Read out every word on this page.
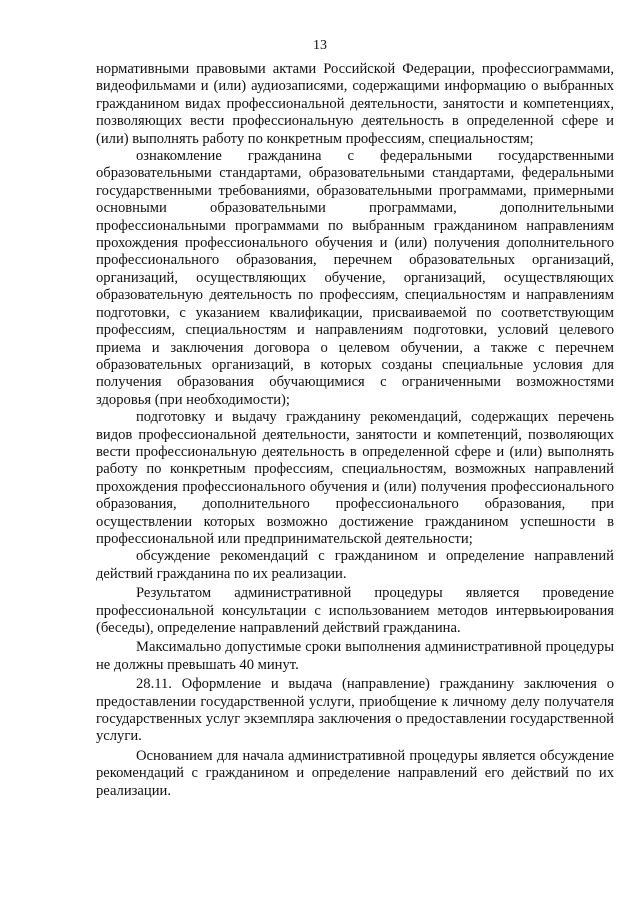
13

нормативными правовыми актами Российской Федерации, профессиограммами, видеофильмами и (или) аудиозаписями, содержащими информацию о выбранных гражданином видах профессиональной деятельности, занятости и компетенциях, позволяющих вести профессиональную деятельность в определенной сфере и (или) выполнять работу по конкретным профессиям, специальностям;

ознакомление гражданина с федеральными государственными образовательными стандартами, образовательными стандартами, федеральными государственными требованиями, образовательными программами, примерными основными образовательными программами, дополнительными профессиональными программами по выбранным гражданином направлениям прохождения профессионального обучения и (или) получения дополнительного профессионального образования, перечнем образовательных организаций, организаций, осуществляющих обучение, организаций, осуществляющих образовательную деятельность по профессиям, специальностям и направлениям подготовки, с указанием квалификации, присваиваемой по соответствующим профессиям, специальностям и направлениям подготовки, условий целевого приема и заключения договора о целевом обучении, а также с перечнем образовательных организаций, в которых созданы специальные условия для получения образования обучающимися с ограниченными возможностями здоровья (при необходимости);

подготовку и выдачу гражданину рекомендаций, содержащих перечень видов профессиональной деятельности, занятости и компетенций, позволяющих вести профессиональную деятельность в определенной сфере и (или) выполнять работу по конкретным профессиям, специальностям, возможных направлений прохождения профессионального обучения и (или) получения профессионального образования, дополнительного профессионального образования, при осуществлении которых возможно достижение гражданином успешности в профессиональной или предпринимательской деятельности;

обсуждение рекомендаций с гражданином и определение направлений действий гражданина по их реализации.

Результатом административной процедуры является проведение профессиональной консультации с использованием методов интервьюирования (беседы), определение направлений действий гражданина.

Максимально допустимые сроки выполнения административной процедуры не должны превышать 40 минут.

28.11. Оформление и выдача (направление) гражданину заключения о предоставлении государственной услуги, приобщение к личному делу получателя государственных услуг экземпляра заключения о предоставлении государственной услуги.

Основанием для начала административной процедуры является обсуждение рекомендаций с гражданином и определение направлений его действий по их реализации.
